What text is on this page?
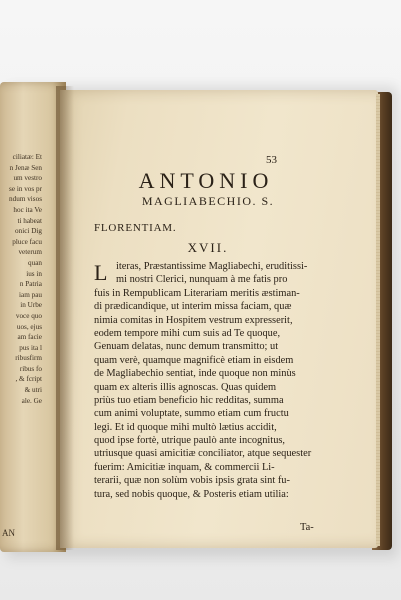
ciliatæ: Et
n Jenæ Sen
um vestro
se in vos pr
ndum visos
hoc ita Ve
ti habeat
onici Dig
pluce facu
veterum
quan
ius in
n Patria
iam pau
in Urbe
voce quo
uos, ejus
am facie
pus ita l
ribusfirm
ribus fo
, & fcript
& utri
ale. Ge
AN
53
ANTONIO
MAGLIABECHIO. S.
FLORENTIAM.
XVII.
iteras, Præstantissime Magliabechi, eruditissi-
mi nostri Clerici, nunquam à me fatis pro
fuis in Rempublicam Literariam meritis æstiman-
di prædicandique, ut interim missa faciam, quæ
nimia comitas in Hospitem vestrum expresserit,
eodem tempore mihi cum suis ad Te quoque,
Genuam delatas, nunc demum transmitto; ut
quam verè, quamque magnificè etiam in eisdem
de Magliabechio sentiat, inde quoque non minùs
quam ex alteris illis agnoscas. Quas quidem
priùs tuo etiam beneficio hic redditas, summa
cum animi voluptate, summo etiam cum fructu
legi. Et id quoque mihi multò lætius accidit,
quod ipse fortè, utrique paulò ante incognitus,
utriusque quasi amicitiæ conciliator, atque sequester
fuerim: Amicitiæ inquam, & commercii Li-
terarii, quæ non solùm vobis ipsis grata sint fu-
tura, sed nobis quoque, & Posteris etiam utilia:
L
Ta-
